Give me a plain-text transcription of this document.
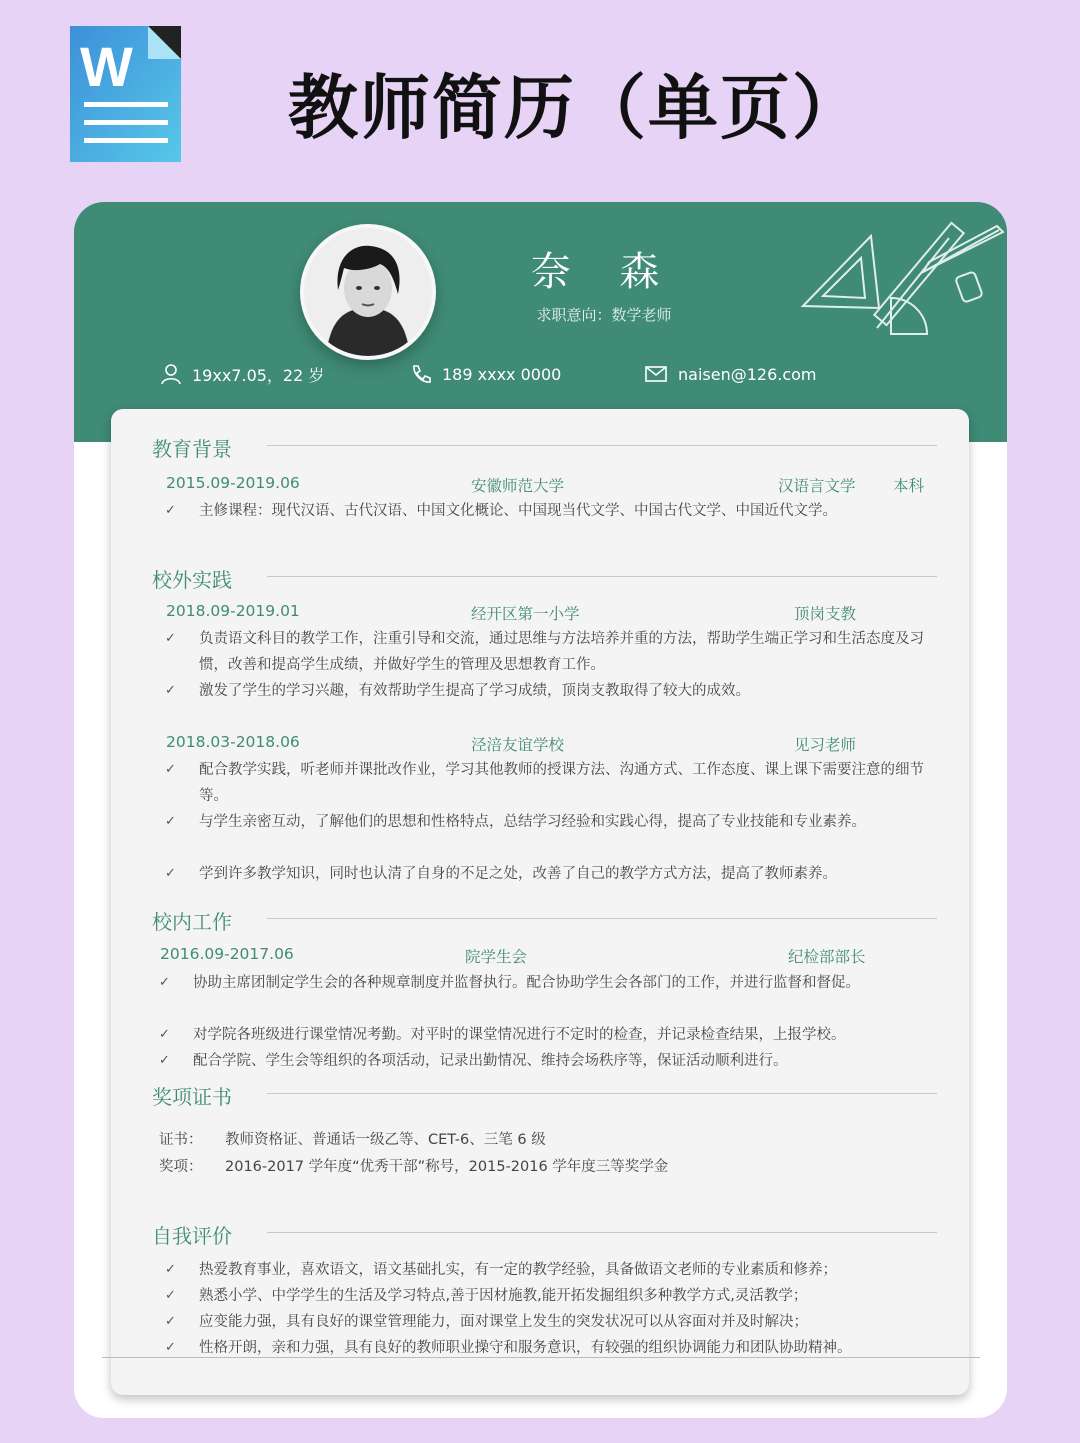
W
教师简历（单页）
奈 森
求职意向：数学老师
19xx7.05，22 岁	189 xxxx 0000	naisen@126.com
教育背景
2015.09-2019.06	安徽师范大学	汉语言文学 本科
✓ 主修课程：现代汉语、古代汉语、中国文化概论、中国现当代文学、中国古代文学、中国近代文学。
校外实践
2018.09-2019.01	经开区第一小学	顶岗支教
✓ 负责语文科目的教学工作，注重引导和交流，通过思维与方法培养并重的方法，帮助学生端正学习和生活态度及习惯，改善和提高学生成绩，并做好学生的管理及思想教育工作。
✓ 激发了学生的学习兴趣，有效帮助学生提高了学习成绩，顶岗支教取得了较大的成效。
2018.03-2018.06	泾涪友谊学校	见习老师
✓ 配合教学实践，听老师并课批改作业，学习其他教师的授课方法、沟通方式、工作态度、课上课下需要注意的细节等。
✓ 与学生亲密互动，了解他们的思想和性格特点，总结学习经验和实践心得，提高了专业技能和专业素养。
✓ 学到许多教学知识，同时也认清了自身的不足之处，改善了自己的教学方式方法，提高了教师素养。
校内工作
2016.09-2017.06	院学生会	纪检部部长
✓ 协助主席团制定学生会的各种规章制度并监督执行。配合协助学生会各部门的工作，并进行监督和督促。
✓ 对学院各班级进行课堂情况考勤。对平时的课堂情况进行不定时的检查，并记录检查结果，上报学校。
✓ 配合学院、学生会等组织的各项活动，记录出勤情况、维持会场秩序等，保证活动顺利进行。
奖项证书
证书： 教师资格证、普通话一级乙等、CET-6、三笔 6 级
奖项： 2016-2017 学年度“优秀干部”称号，2015-2016 学年度三等奖学金
自我评价
✓ 热爱教育事业，喜欢语文，语文基础扎实，有一定的教学经验，具备做语文老师的专业素质和修养；
✓ 熟悉小学、中学学生的生活及学习特点,善于因材施教,能开拓发掘组织多种教学方式,灵活教学；
✓ 应变能力强，具有良好的课堂管理能力，面对课堂上发生的突发状况可以从容面对并及时解决；
✓ 性格开朗，亲和力强，具有良好的教师职业操守和服务意识，有较强的组织协调能力和团队协助精神。
